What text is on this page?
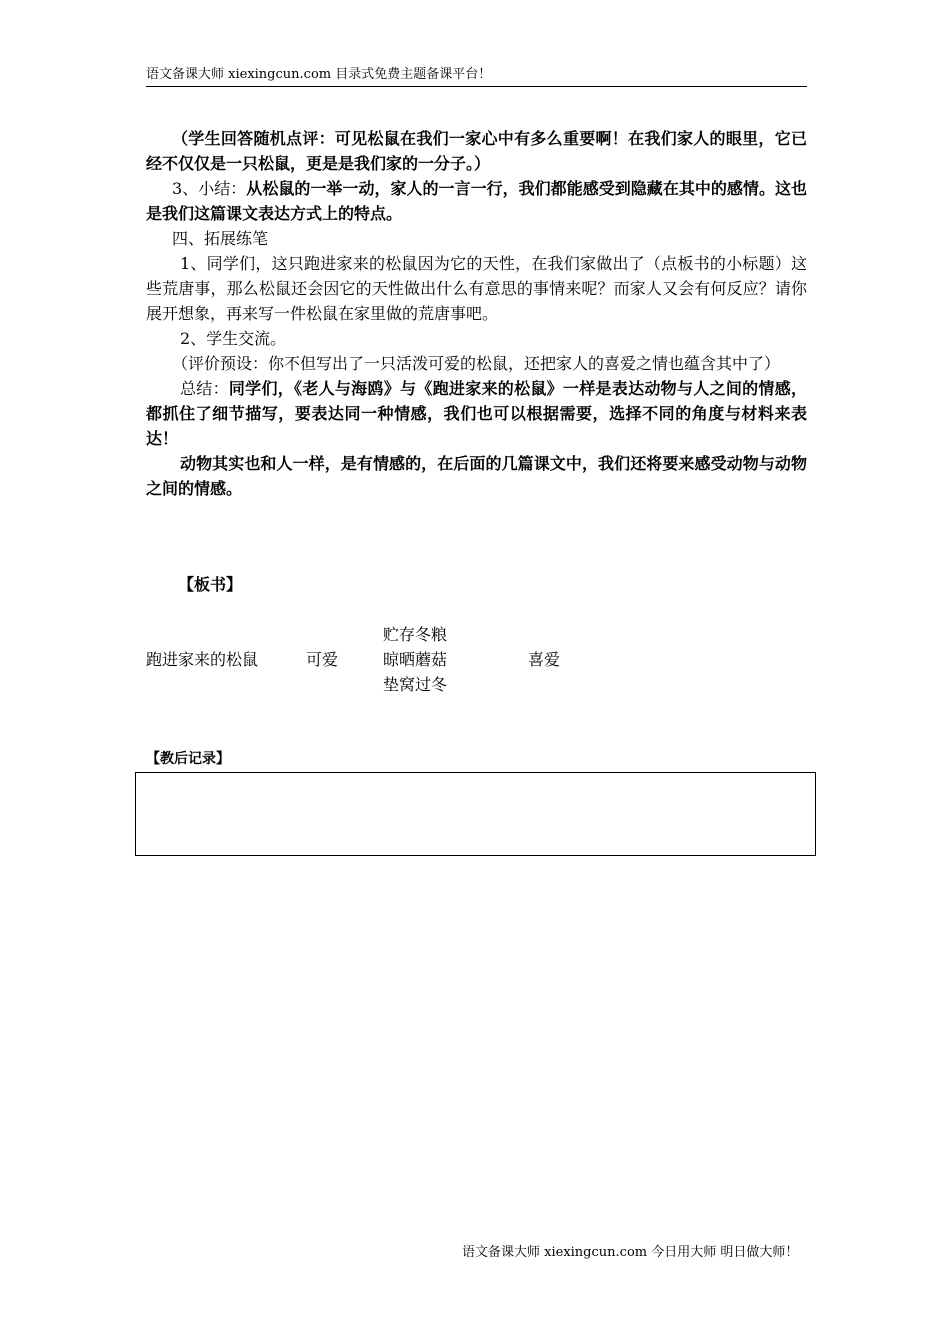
语文备课大师 xiexingcun.com 目录式免费主题备课平台！

（学生回答随机点评：可见松鼠在我们一家心中有多么重要啊！在我们家人的眼里，它已经不仅仅是一只松鼠，更是是我们家的一分子。）

3、小结：从松鼠的一举一动，家人的一言一行，我们都能感受到隐藏在其中的感情。这也是我们这篇课文表达方式上的特点。

四、拓展练笔

1、同学们，这只跑进家来的松鼠因为它的天性，在我们家做出了（点板书的小标题）这些荒唐事，那么松鼠还会因它的天性做出什么有意思的事情来呢？而家人又会有何反应？请你展开想象，再来写一件松鼠在家里做的荒唐事吧。

2、学生交流。

（评价预设：你不但写出了一只活泼可爱的松鼠，还把家人的喜爱之情也蕴含其中了）

总结：同学们，《老人与海鸥》与《跑进家来的松鼠》一样是表达动物与人之间的情感，都抓住了细节描写，要表达同一种情感，我们也可以根据需要，选择不同的角度与材料来表达！

动物其实也和人一样，是有情感的，在后面的几篇课文中，我们还将要来感受动物与动物之间的情感。

【板书】
跑进家来的松鼠	可爱
贮存冬粮
晾晒蘑菇
垫窝过冬
喜爱
【教后记录】
语文备课大师 xiexingcun.com 今日用大师 明日做大师！
